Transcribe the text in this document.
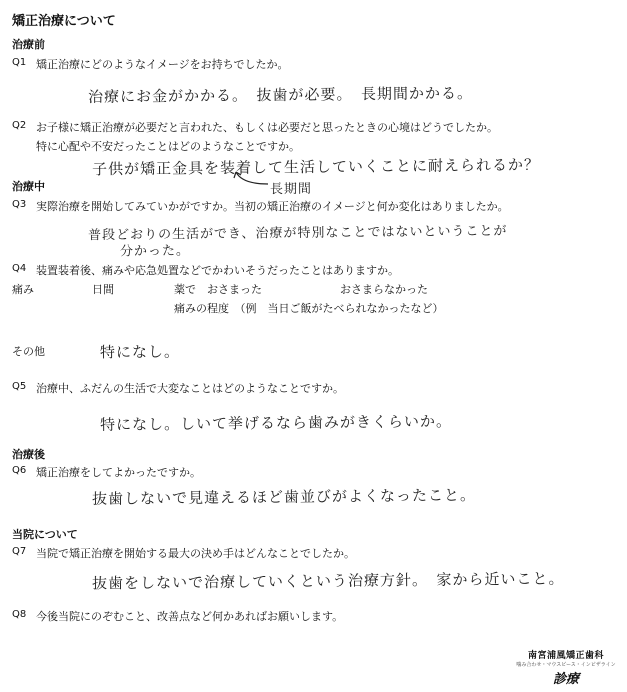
矯正治療について
治療前
Q1 矯正治療にどのようなイメージをお持ちでしたか。
治療にお金がかかる。　抜歯が必要。　長期間かかる。
Q2 お子様に矯正治療が必要だと言われた、もしくは必要だと思ったときの心境はどうでしたか。
特に心配や不安だったことはどのようなことですか。
子供が矯正金具を装着して生活していくことに耐えられるか？
長期間
治療中
Q3 実際治療を開始してみていかがですか。当初の矯正治療のイメージと何か変化はありましたか。
普段どおりの生活ができ、治療が特別なことではないということが
分かった。
Q4 装置装着後、痛みや応急処置などでかわいそうだったことはありますか。
痛み	日間	薬で　おさまった	おさまらなかった
痛みの程度　（例　当日ご飯がたべられなかったなど）
その他	特になし。
Q5 治療中、ふだんの生活で大変なことはどのようなことですか。
特になし。しいて挙げるなら歯みがきくらいか。
治療後
Q6 矯正治療をしてよかったですか。
抜歯しないで見違えるほど歯並びがよくなったこと。
当院について
Q7 当院で矯正治療を開始する最大の決め手はどんなことでしたか。
抜歯をしないで治療していくという治療方針。　家から近いこと。
Q8 今後当院にのぞむこと、改善点など何かあればお願いします。
南宮浦風矯正歯科
噛み合わせ・マウスピース・インビザライン
診療
